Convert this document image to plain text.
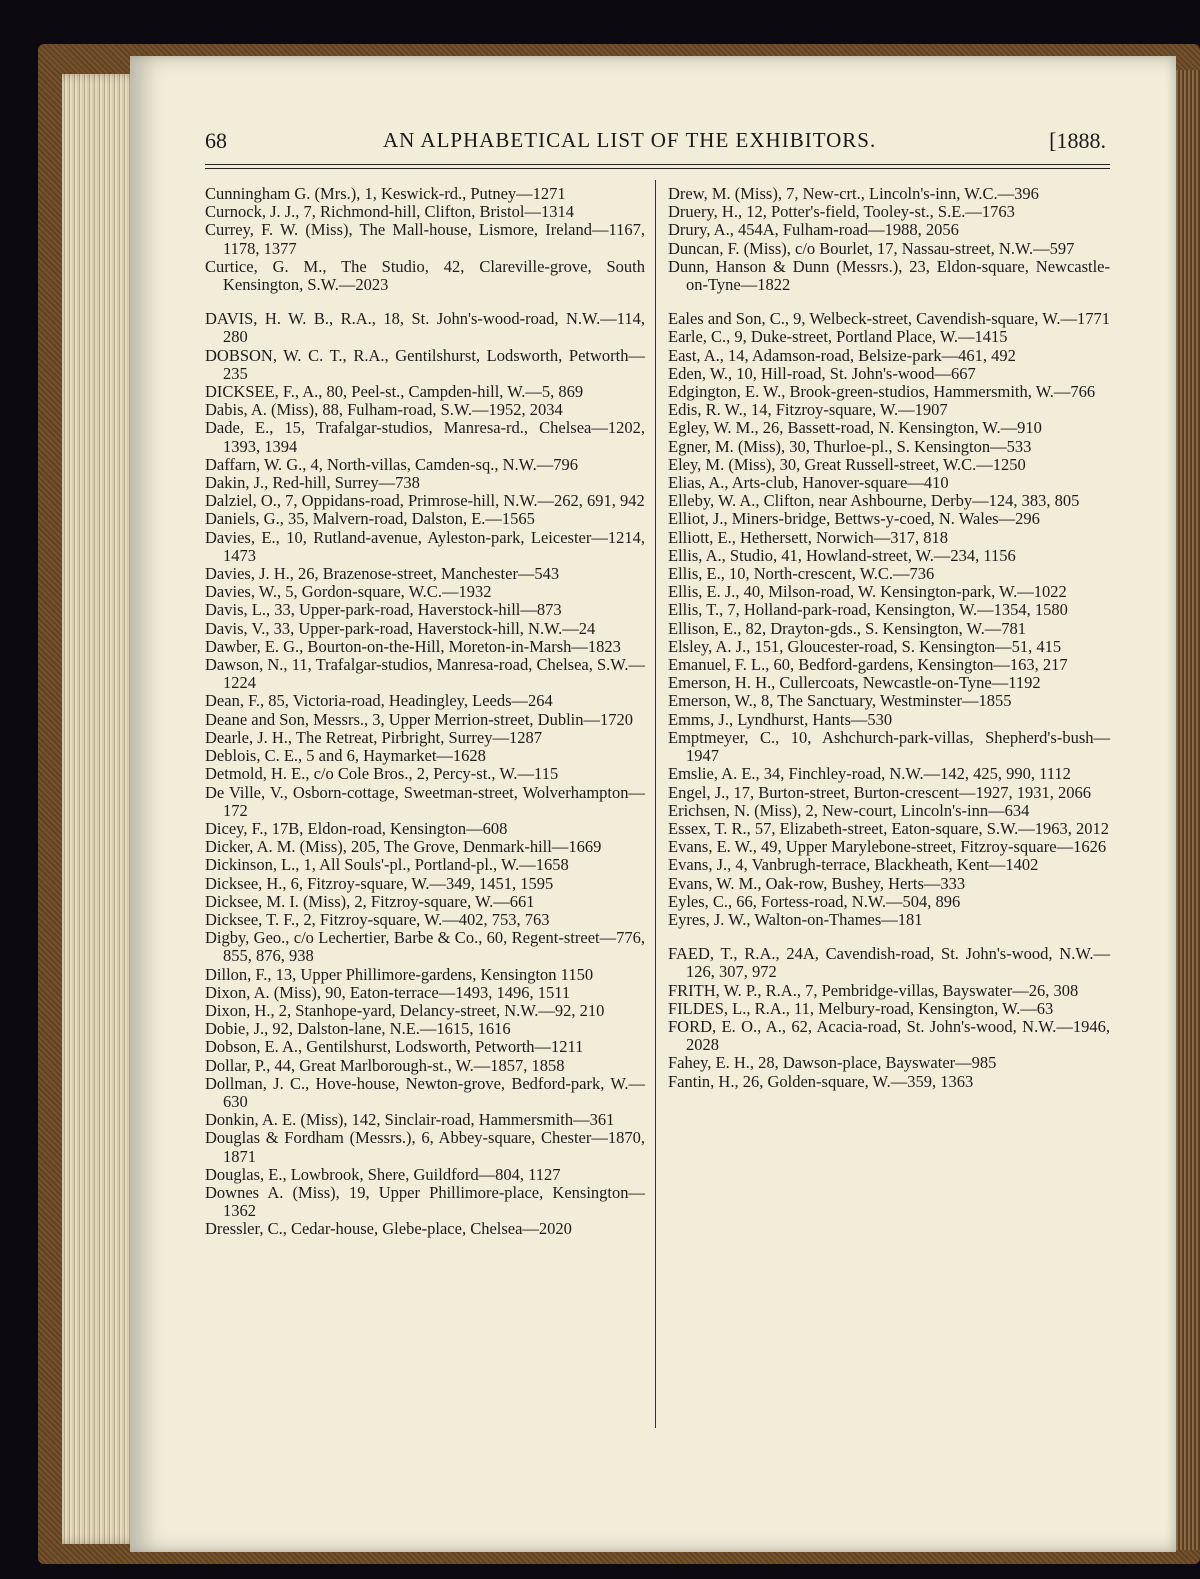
68	AN ALPHABETICAL LIST OF THE EXHIBITORS.	[1888.
Cunningham G. (Mrs.), 1, Keswick-rd., Putney—1271
Curnock, J. J., 7, Richmond-hill, Clifton, Bristol—1314
Currey, F. W. (Miss), The Mall-house, Lismore, Ireland—1167, 1178, 1377
Curtice, G. M., The Studio, 42, Clareville-grove, South Kensington, S.W.—2023
DAVIS, H. W. B., R.A., 18, St. John's-wood-road, N.W.—114, 280
DOBSON, W. C. T., R.A., Gentilshurst, Lodsworth, Petworth—235
DICKSEE, F., A., 80, Peel-st., Campden-hill, W.—5, 869
Dabis, A. (Miss), 88, Fulham-road, S.W.—1952, 2034
Dade, E., 15, Trafalgar-studios, Manresa-rd., Chelsea—1202, 1393, 1394
Daffarn, W. G., 4, North-villas, Camden-sq., N.W.—796
Dakin, J., Red-hill, Surrey—738
Dalziel, O., 7, Oppidans-road, Primrose-hill, N.W.—262, 691, 942
Daniels, G., 35, Malvern-road, Dalston, E.—1565
Davies, E., 10, Rutland-avenue, Ayleston-park, Leicester—1214, 1473
Davies, J. H., 26, Brazenose-street, Manchester—543
Davies, W., 5, Gordon-square, W.C.—1932
Davis, L., 33, Upper-park-road, Haverstock-hill—873
Davis, V., 33, Upper-park-road, Haverstock-hill, N.W.—24
Dawber, E. G., Bourton-on-the-Hill, Moreton-in-Marsh—1823
Dawson, N., 11, Trafalgar-studios, Manresa-road, Chelsea, S.W.—1224
Dean, F., 85, Victoria-road, Headingley, Leeds—264
Deane and Son, Messrs., 3, Upper Merrion-street, Dublin—1720
Dearle, J. H., The Retreat, Pirbright, Surrey—1287
Deblois, C. E., 5 and 6, Haymarket—1628
Detmold, H. E., c/o Cole Bros., 2, Percy-st., W.—115
De Ville, V., Osborn-cottage, Sweetman-street, Wolverhampton—172
Dicey, F., 17B, Eldon-road, Kensington—608
Dicker, A. M. (Miss), 205, The Grove, Denmark-hill—1669
Dickinson, L., 1, All Souls'-pl., Portland-pl., W.—1658
Dicksee, H., 6, Fitzroy-square, W.—349, 1451, 1595
Dicksee, M. I. (Miss), 2, Fitzroy-square, W.—661
Dicksee, T. F., 2, Fitzroy-square, W.—402, 753, 763
Digby, Geo., c/o Lechertier, Barbe & Co., 60, Regent-street—776, 855, 876, 938
Dillon, F., 13, Upper Phillimore-gardens, Kensington 1150
Dixon, A. (Miss), 90, Eaton-terrace—1493, 1496, 1511
Dixon, H., 2, Stanhope-yard, Delancy-street, N.W.—92, 210
Dobie, J., 92, Dalston-lane, N.E.—1615, 1616
Dobson, E. A., Gentilshurst, Lodsworth, Petworth—1211
Dollar, P., 44, Great Marlborough-st., W.—1857, 1858
Dollman, J. C., Hove-house, Newton-grove, Bedford-park, W.—630
Donkin, A. E. (Miss), 142, Sinclair-road, Hammersmith—361
Douglas & Fordham (Messrs.), 6, Abbey-square, Chester—1870, 1871
Douglas, E., Lowbrook, Shere, Guildford—804, 1127
Downes A. (Miss), 19, Upper Phillimore-place, Kensington—1362
Dressler, C., Cedar-house, Glebe-place, Chelsea—2020
Drew, M. (Miss), 7, New-crt., Lincoln's-inn, W.C.—396
Druery, H., 12, Potter's-field, Tooley-st., S.E.—1763
Drury, A., 454A, Fulham-road—1988, 2056
Duncan, F. (Miss), c/o Bourlet, 17, Nassau-street, N.W.—597
Dunn, Hanson & Dunn (Messrs.), 23, Eldon-square, Newcastle-on-Tyne—1822
Eales and Son, C., 9, Welbeck-street, Cavendish-square, W.—1771
Earle, C., 9, Duke-street, Portland Place, W.—1415
East, A., 14, Adamson-road, Belsize-park—461, 492
Eden, W., 10, Hill-road, St. John's-wood—667
Edgington, E. W., Brook-green-studios, Hammersmith, W.—766
Edis, R. W., 14, Fitzroy-square, W.—1907
Egley, W. M., 26, Bassett-road, N. Kensington, W.—910
Egner, M. (Miss), 30, Thurloe-pl., S. Kensington—533
Eley, M. (Miss), 30, Great Russell-street, W.C.—1250
Elias, A., Arts-club, Hanover-square—410
Elleby, W. A., Clifton, near Ashbourne, Derby—124, 383, 805
Elliot, J., Miners-bridge, Bettws-y-coed, N. Wales—296
Elliott, E., Hethersett, Norwich—317, 818
Ellis, A., Studio, 41, Howland-street, W.—234, 1156
Ellis, E., 10, North-crescent, W.C.—736
Ellis, E. J., 40, Milson-road, W. Kensington-park, W.—1022
Ellis, T., 7, Holland-park-road, Kensington, W.—1354, 1580
Ellison, E., 82, Drayton-gds., S. Kensington, W.—781
Elsley, A. J., 151, Gloucester-road, S. Kensington—51, 415
Emanuel, F. L., 60, Bedford-gardens, Kensington—163, 217
Emerson, H. H., Cullercoats, Newcastle-on-Tyne—1192
Emerson, W., 8, The Sanctuary, Westminster—1855
Emms, J., Lyndhurst, Hants—530
Emptmeyer, C., 10, Ashchurch-park-villas, Shepherd's-bush—1947
Emslie, A. E., 34, Finchley-road, N.W.—142, 425, 990, 1112
Engel, J., 17, Burton-street, Burton-crescent—1927, 1931, 2066
Erichsen, N. (Miss), 2, New-court, Lincoln's-inn—634
Essex, T. R., 57, Elizabeth-street, Eaton-square, S.W.—1963, 2012
Evans, E. W., 49, Upper Marylebone-street, Fitzroy-square—1626
Evans, J., 4, Vanbrugh-terrace, Blackheath, Kent—1402
Evans, W. M., Oak-row, Bushey, Herts—333
Eyles, C., 66, Fortess-road, N.W.—504, 896
Eyres, J. W., Walton-on-Thames—181
FAED, T., R.A., 24A, Cavendish-road, St. John's-wood, N.W.—126, 307, 972
FRITH, W. P., R.A., 7, Pembridge-villas, Bayswater—26, 308
FILDES, L., R.A., 11, Melbury-road, Kensington, W.—63
FORD, E. O., A., 62, Acacia-road, St. John's-wood, N.W.—1946, 2028
Fahey, E. H., 28, Dawson-place, Bayswater—985
Fantin, H., 26, Golden-square, W.—359, 1363
